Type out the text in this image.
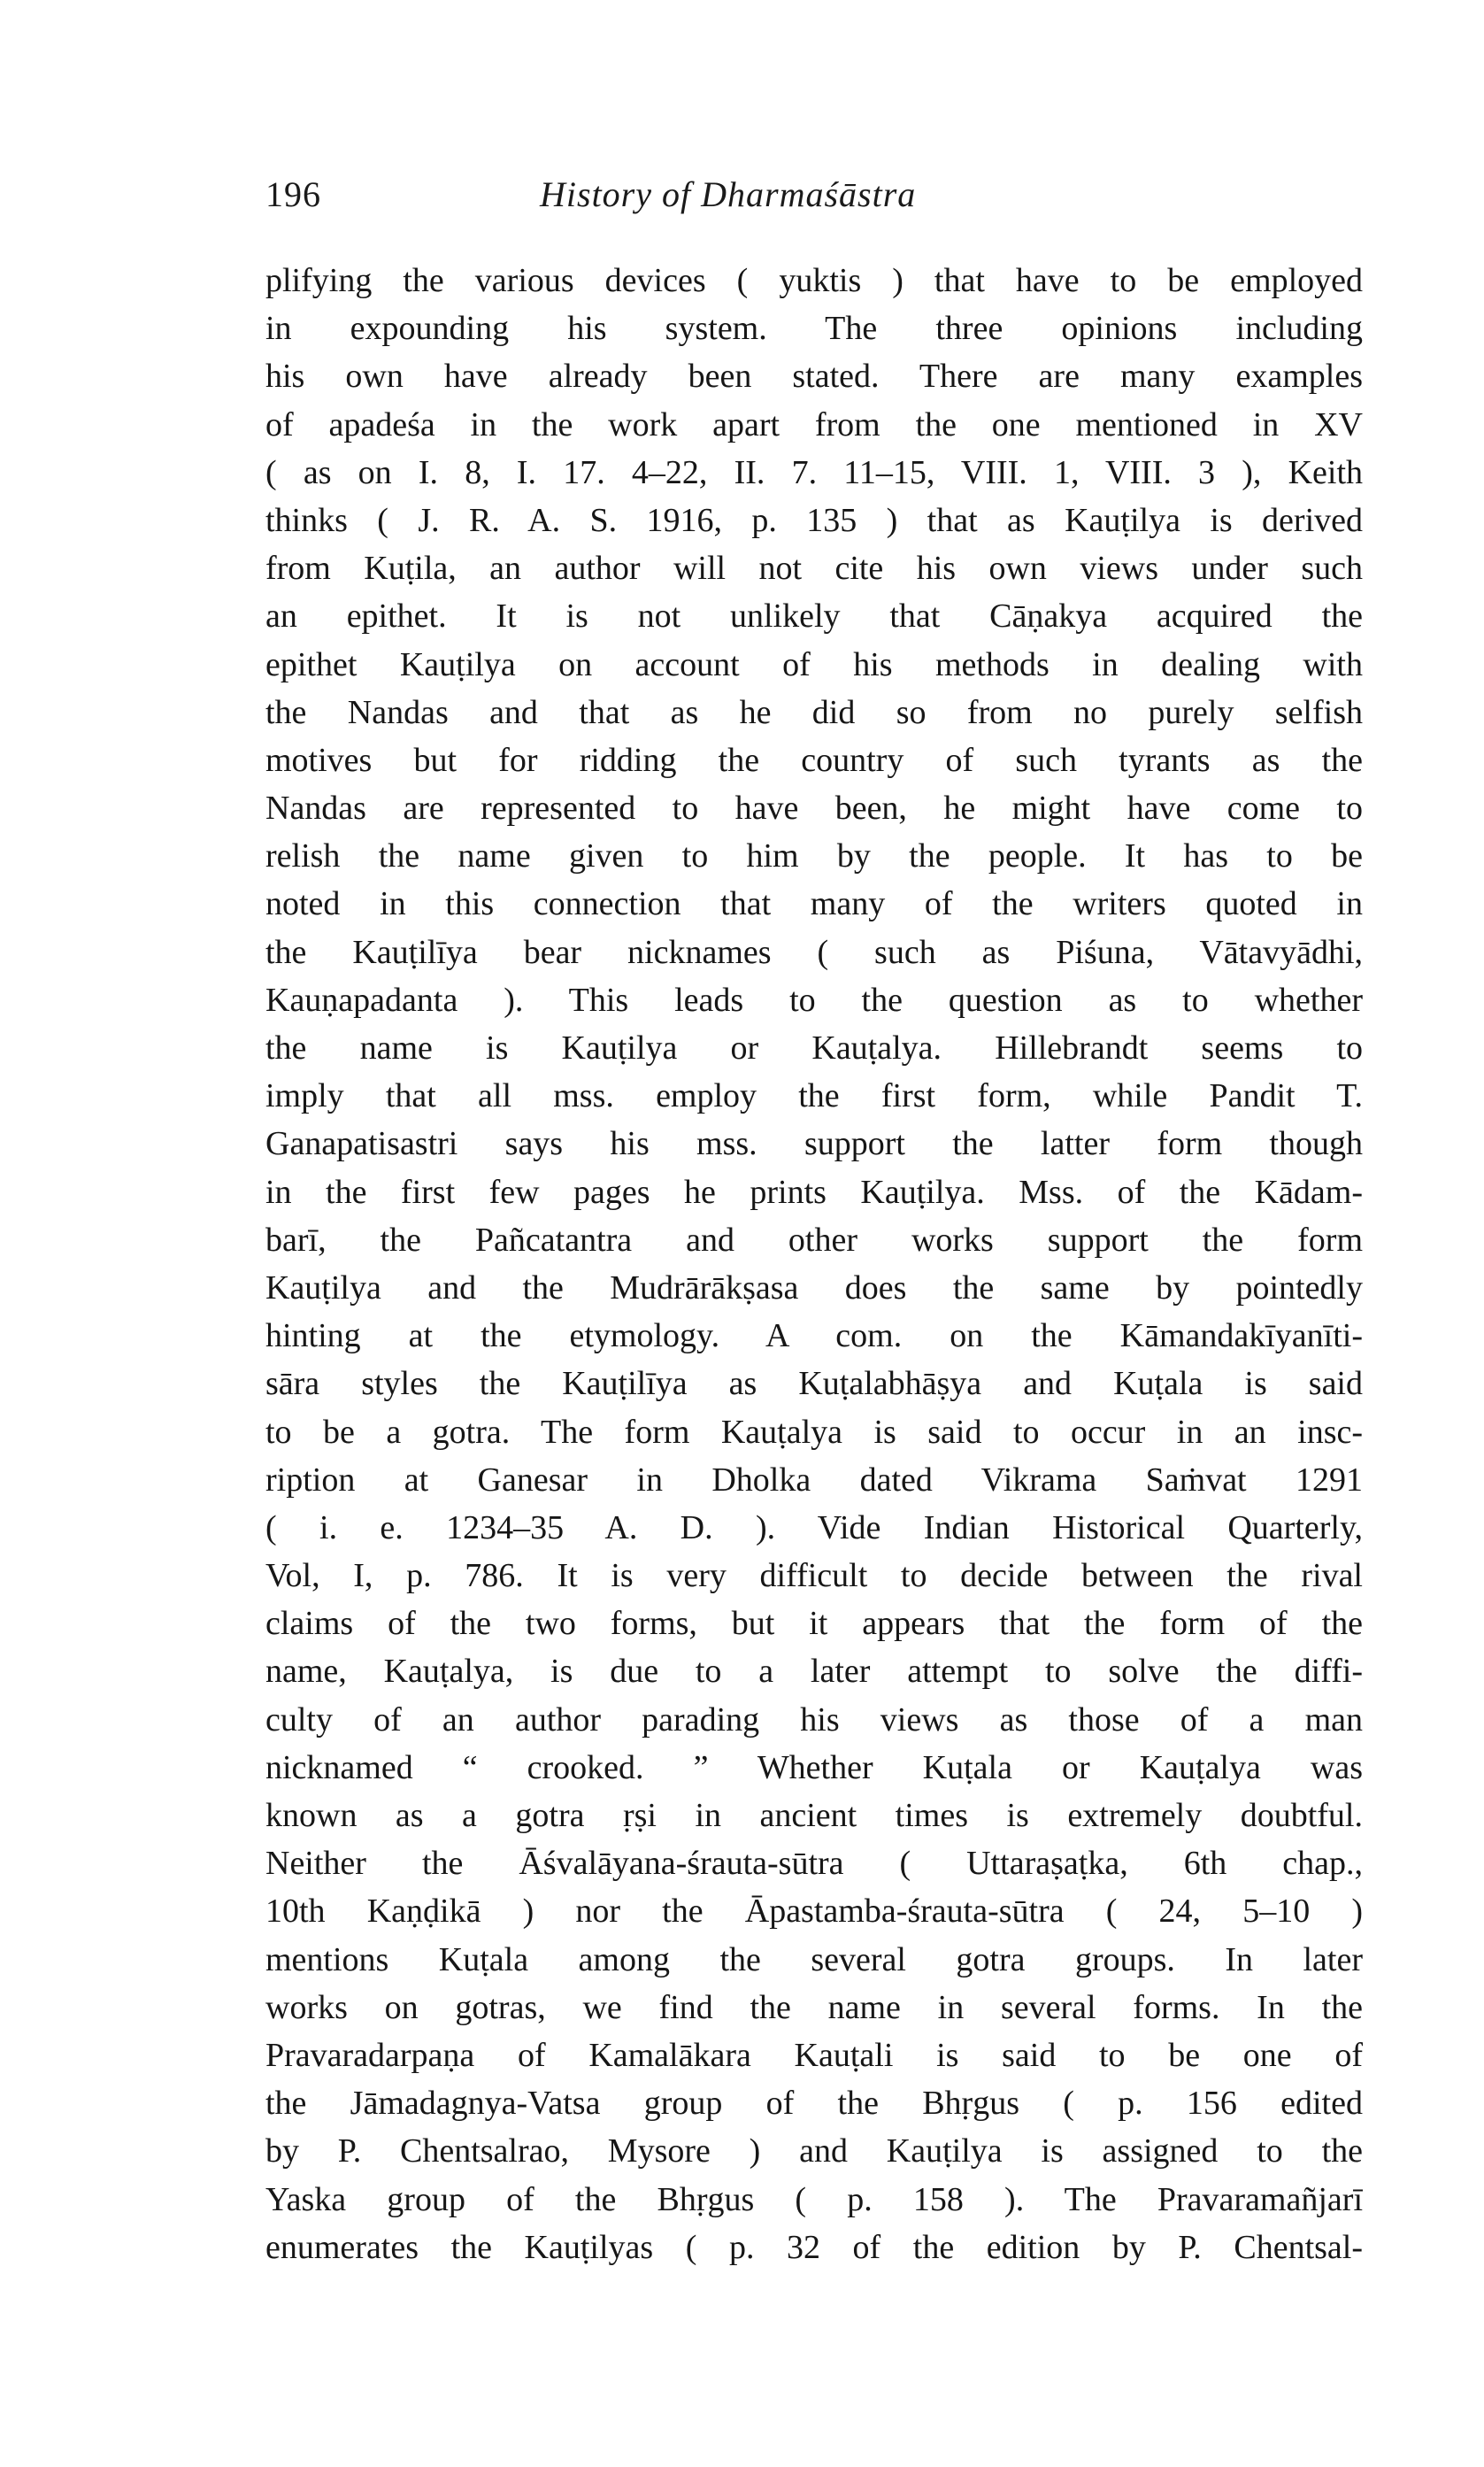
196	History of Dharmaśāstra
plifying the various devices ( yuktis ) that have to be employed
in expounding his system. The three opinions including
his own have already been stated. There are many examples
of apadeśa in the work apart from the one mentioned in XV
( as on I. 8, I. 17. 4–22, II. 7. 11–15, VIII. 1, VIII. 3 ), Keith
thinks ( J. R. A. S. 1916, p. 135 ) that as Kauṭilya is derived
from Kuṭila, an author will not cite his own views under such
an epithet. It is not unlikely that Cāṇakya acquired the
epithet Kauṭilya on account of his methods in dealing with
the Nandas and that as he did so from no purely selfish
motives but for ridding the country of such tyrants as the
Nandas are represented to have been, he might have come to
relish the name given to him by the people. It has to be
noted in this connection that many of the writers quoted in
the Kauṭilīya bear nicknames ( such as Piśuna, Vātavyādhi,
Kauṇapadanta ). This leads to the question as to whether
the name is Kauṭilya or Kauṭalya. Hillebrandt seems to
imply that all mss. employ the first form, while Pandit T.
Ganapatisastri says his mss. support the latter form though
in the first few pages he prints Kauṭilya. Mss. of the Kādam-
barī, the Pañcatantra and other works support the form
Kauṭilya and the Mudrārākṣasa does the same by pointedly
hinting at the etymology. A com. on the Kāmandakīyanīti-
sāra styles the Kauṭilīya as Kuṭalabhāṣya and Kuṭala is said
to be a gotra. The form Kauṭalya is said to occur in an insc-
ription at Ganesar in Dholka dated Vikrama Saṁvat 1291
( i. e. 1234–35 A. D. ). Vide Indian Historical Quarterly,
Vol, I, p. 786. It is very difficult to decide between the rival
claims of the two forms, but it appears that the form of the
name, Kauṭalya, is due to a later attempt to solve the diffi-
culty of an author parading his views as those of a man
nicknamed “ crooked. ” Whether Kuṭala or Kauṭalya was
known as a gotra ṛṣi in ancient times is extremely doubtful.
Neither the Āśvalāyana-śrauta-sūtra ( Uttaraṣaṭka, 6th chap.,
10th Kaṇḍikā ) nor the Āpastamba-śrauta-sūtra ( 24, 5–10 )
mentions Kuṭala among the several gotra groups. In later
works on gotras, we find the name in several forms. In the
Pravaradarpaṇa of Kamalākara Kauṭali is said to be one of
the Jāmadagnya-Vatsa group of the Bhṛgus ( p. 156 edited
by P. Chentsalrao, Mysore ) and Kauṭilya is assigned to the
Yaska group of the Bhṛgus ( p. 158 ). The Pravaramañjarī
enumerates the Kauṭilyas ( p. 32 of the edition by P. Chentsal-
